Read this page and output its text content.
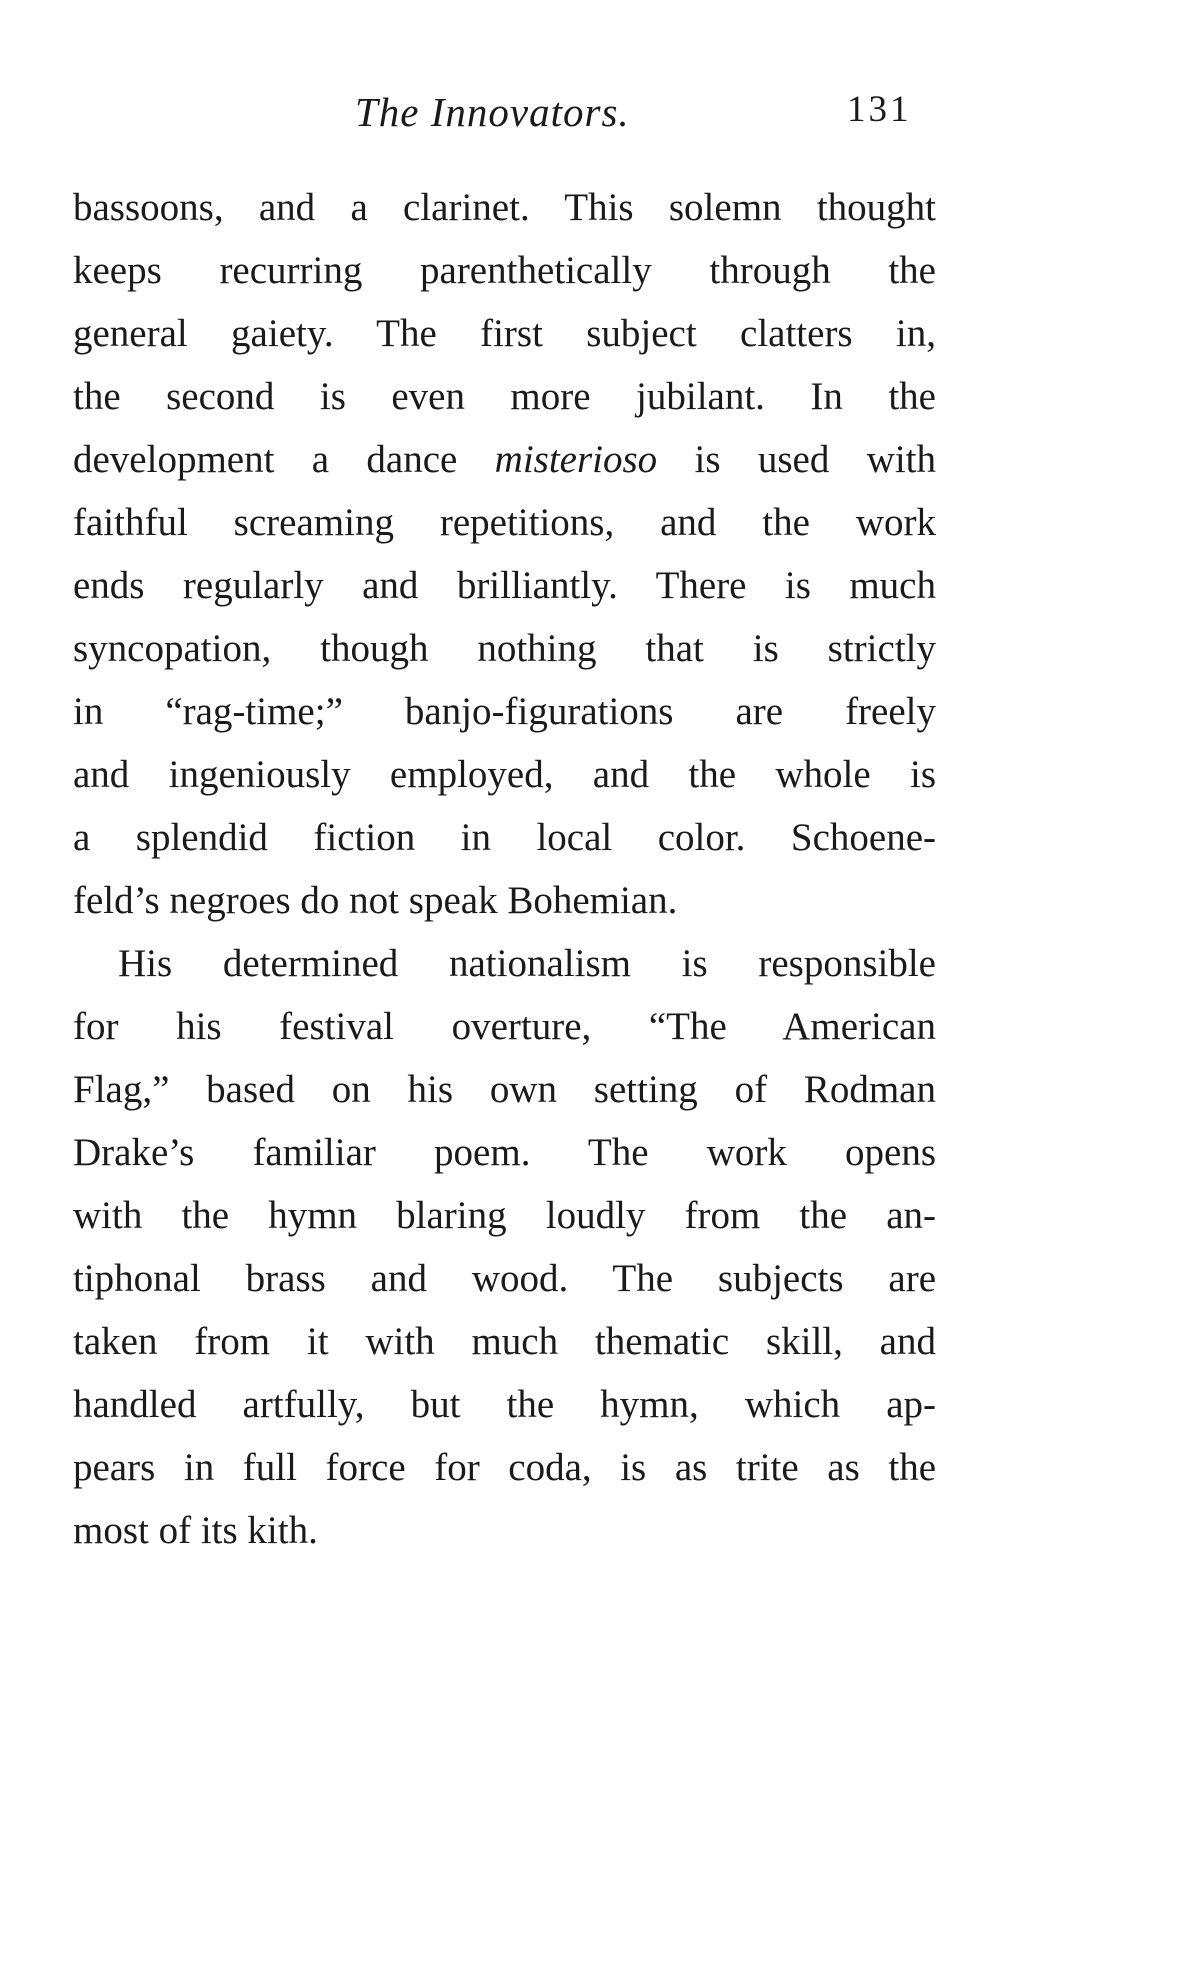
The Innovators.	131
bassoons, and a clarinet. This solemn thought
keeps recurring parenthetically through the
general gaiety. The first subject clatters in,
the second is even more jubilant. In the
development a dance misterioso is used with
faithful screaming repetitions, and the work
ends regularly and brilliantly. There is much
syncopation, though nothing that is strictly
in “rag-time;” banjo-figurations are freely
and ingeniously employed, and the whole is
a splendid fiction in local color. Schoene-
feld’s negroes do not speak Bohemian.
His determined nationalism is responsible
for his festival overture, “The American
Flag,” based on his own setting of Rodman
Drake’s familiar poem. The work opens
with the hymn blaring loudly from the an-
tiphonal brass and wood. The subjects are
taken from it with much thematic skill, and
handled artfully, but the hymn, which ap-
pears in full force for coda, is as trite as the
most of its kith.
